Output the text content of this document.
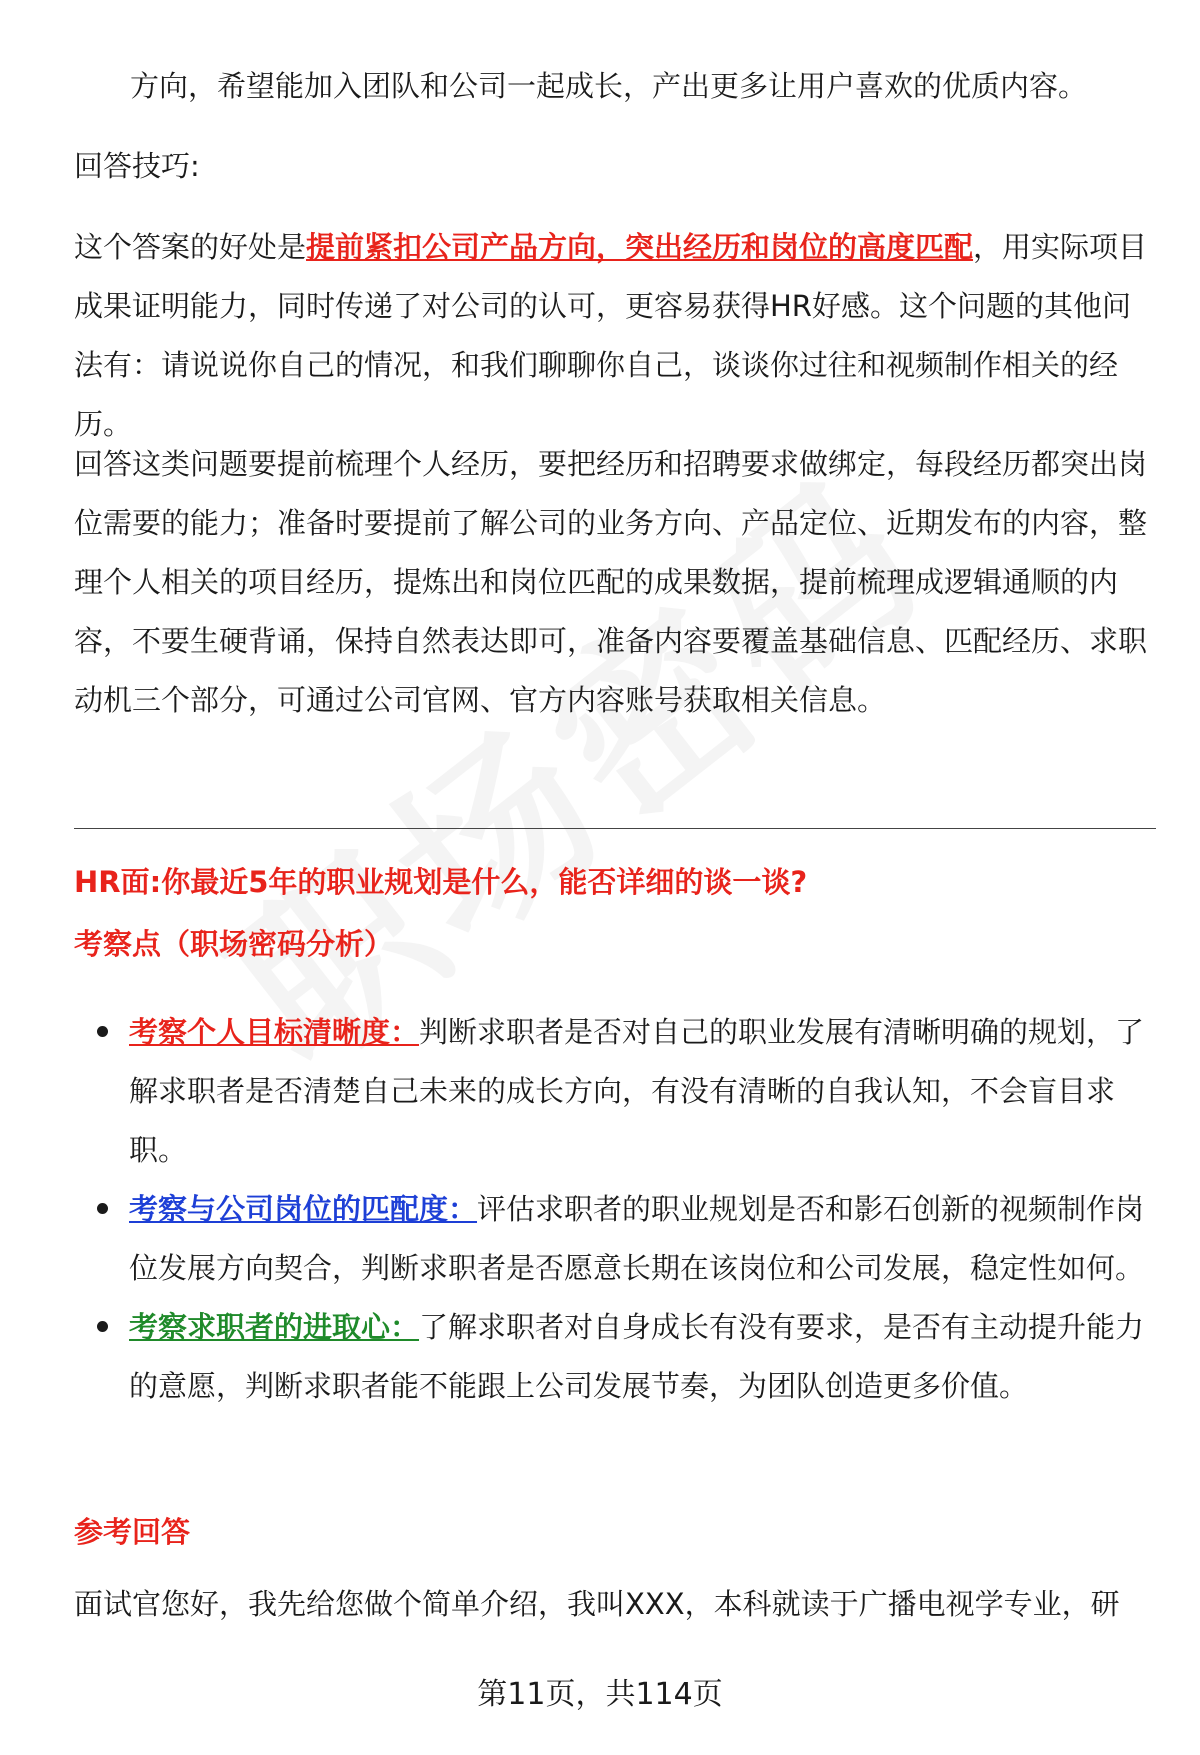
方向，希望能加入团队和公司一起成长，产出更多让用户喜欢的优质内容。
回答技巧:
这个答案的好处是提前紧扣公司产品方向，突出经历和岗位的高度匹配，用实际项目成果证明能力，同时传递了对公司的认可，更容易获得HR好感。这个问题的其他问法有：请说说你自己的情况，和我们聊聊你自己，谈谈你过往和视频制作相关的经历。
回答这类问题要提前梳理个人经历，要把经历和招聘要求做绑定，每段经历都突出岗位需要的能力；准备时要提前了解公司的业务方向、产品定位、近期发布的内容，整理个人相关的项目经历，提炼出和岗位匹配的成果数据，提前梳理成逻辑通顺的内容，不要生硬背诵，保持自然表达即可，准备内容要覆盖基础信息、匹配经历、求职动机三个部分，可通过公司官网、官方内容账号获取相关信息。
HR面:你最近5年的职业规划是什么，能否详细的谈一谈?
考察点（职场密码分析）
考察个人目标清晰度：判断求职者是否对自己的职业发展有清晰明确的规划，了解求职者是否清楚自己未来的成长方向，有没有清晰的自我认知，不会盲目求职。
考察与公司岗位的匹配度：评估求职者的职业规划是否和影石创新的视频制作岗位发展方向契合，判断求职者是否愿意长期在该岗位和公司发展，稳定性如何。
考察求职者的进取心：了解求职者对自身成长有没有要求，是否有主动提升能力的意愿，判断求职者能不能跟上公司发展节奏，为团队创造更多价值。
参考回答
面试官您好，我先给您做个简单介绍，我叫XXX，本科就读于广播电视学专业，研
第11页，共114页
